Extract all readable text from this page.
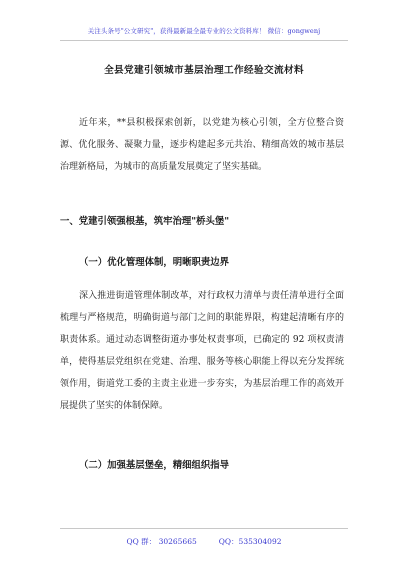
关注头条号"公文研究"，获得最新最全最专业的公文资料库！ 微信：gongwenj
全县党建引领城市基层治理工作经验交流材料
近年来，**县积极探索创新，以党建为核心引领，全方位整合资源、优化服务、凝聚力量，逐步构建起多元共治、精细高效的城市基层治理新格局，为城市的高质量发展奠定了坚实基础。
一、党建引领强根基，筑牢治理"桥头堡"
（一）优化管理体制，明晰职责边界
深入推进街道管理体制改革，对行政权力清单与责任清单进行全面梳理与严格规范，明确街道与部门之间的职能界限，构建起清晰有序的职责体系。通过动态调整街道办事处权责事项，已确定的 92 项权责清单，使得基层党组织在党建、治理、服务等核心职能上得以充分发挥统领作用，街道党工委的主责主业进一步夯实，为基层治理工作的高效开展提供了坚实的体制保障。
（二）加强基层堡垒，精细组织指导
QQ 群： 30265665	QQ：535304092
